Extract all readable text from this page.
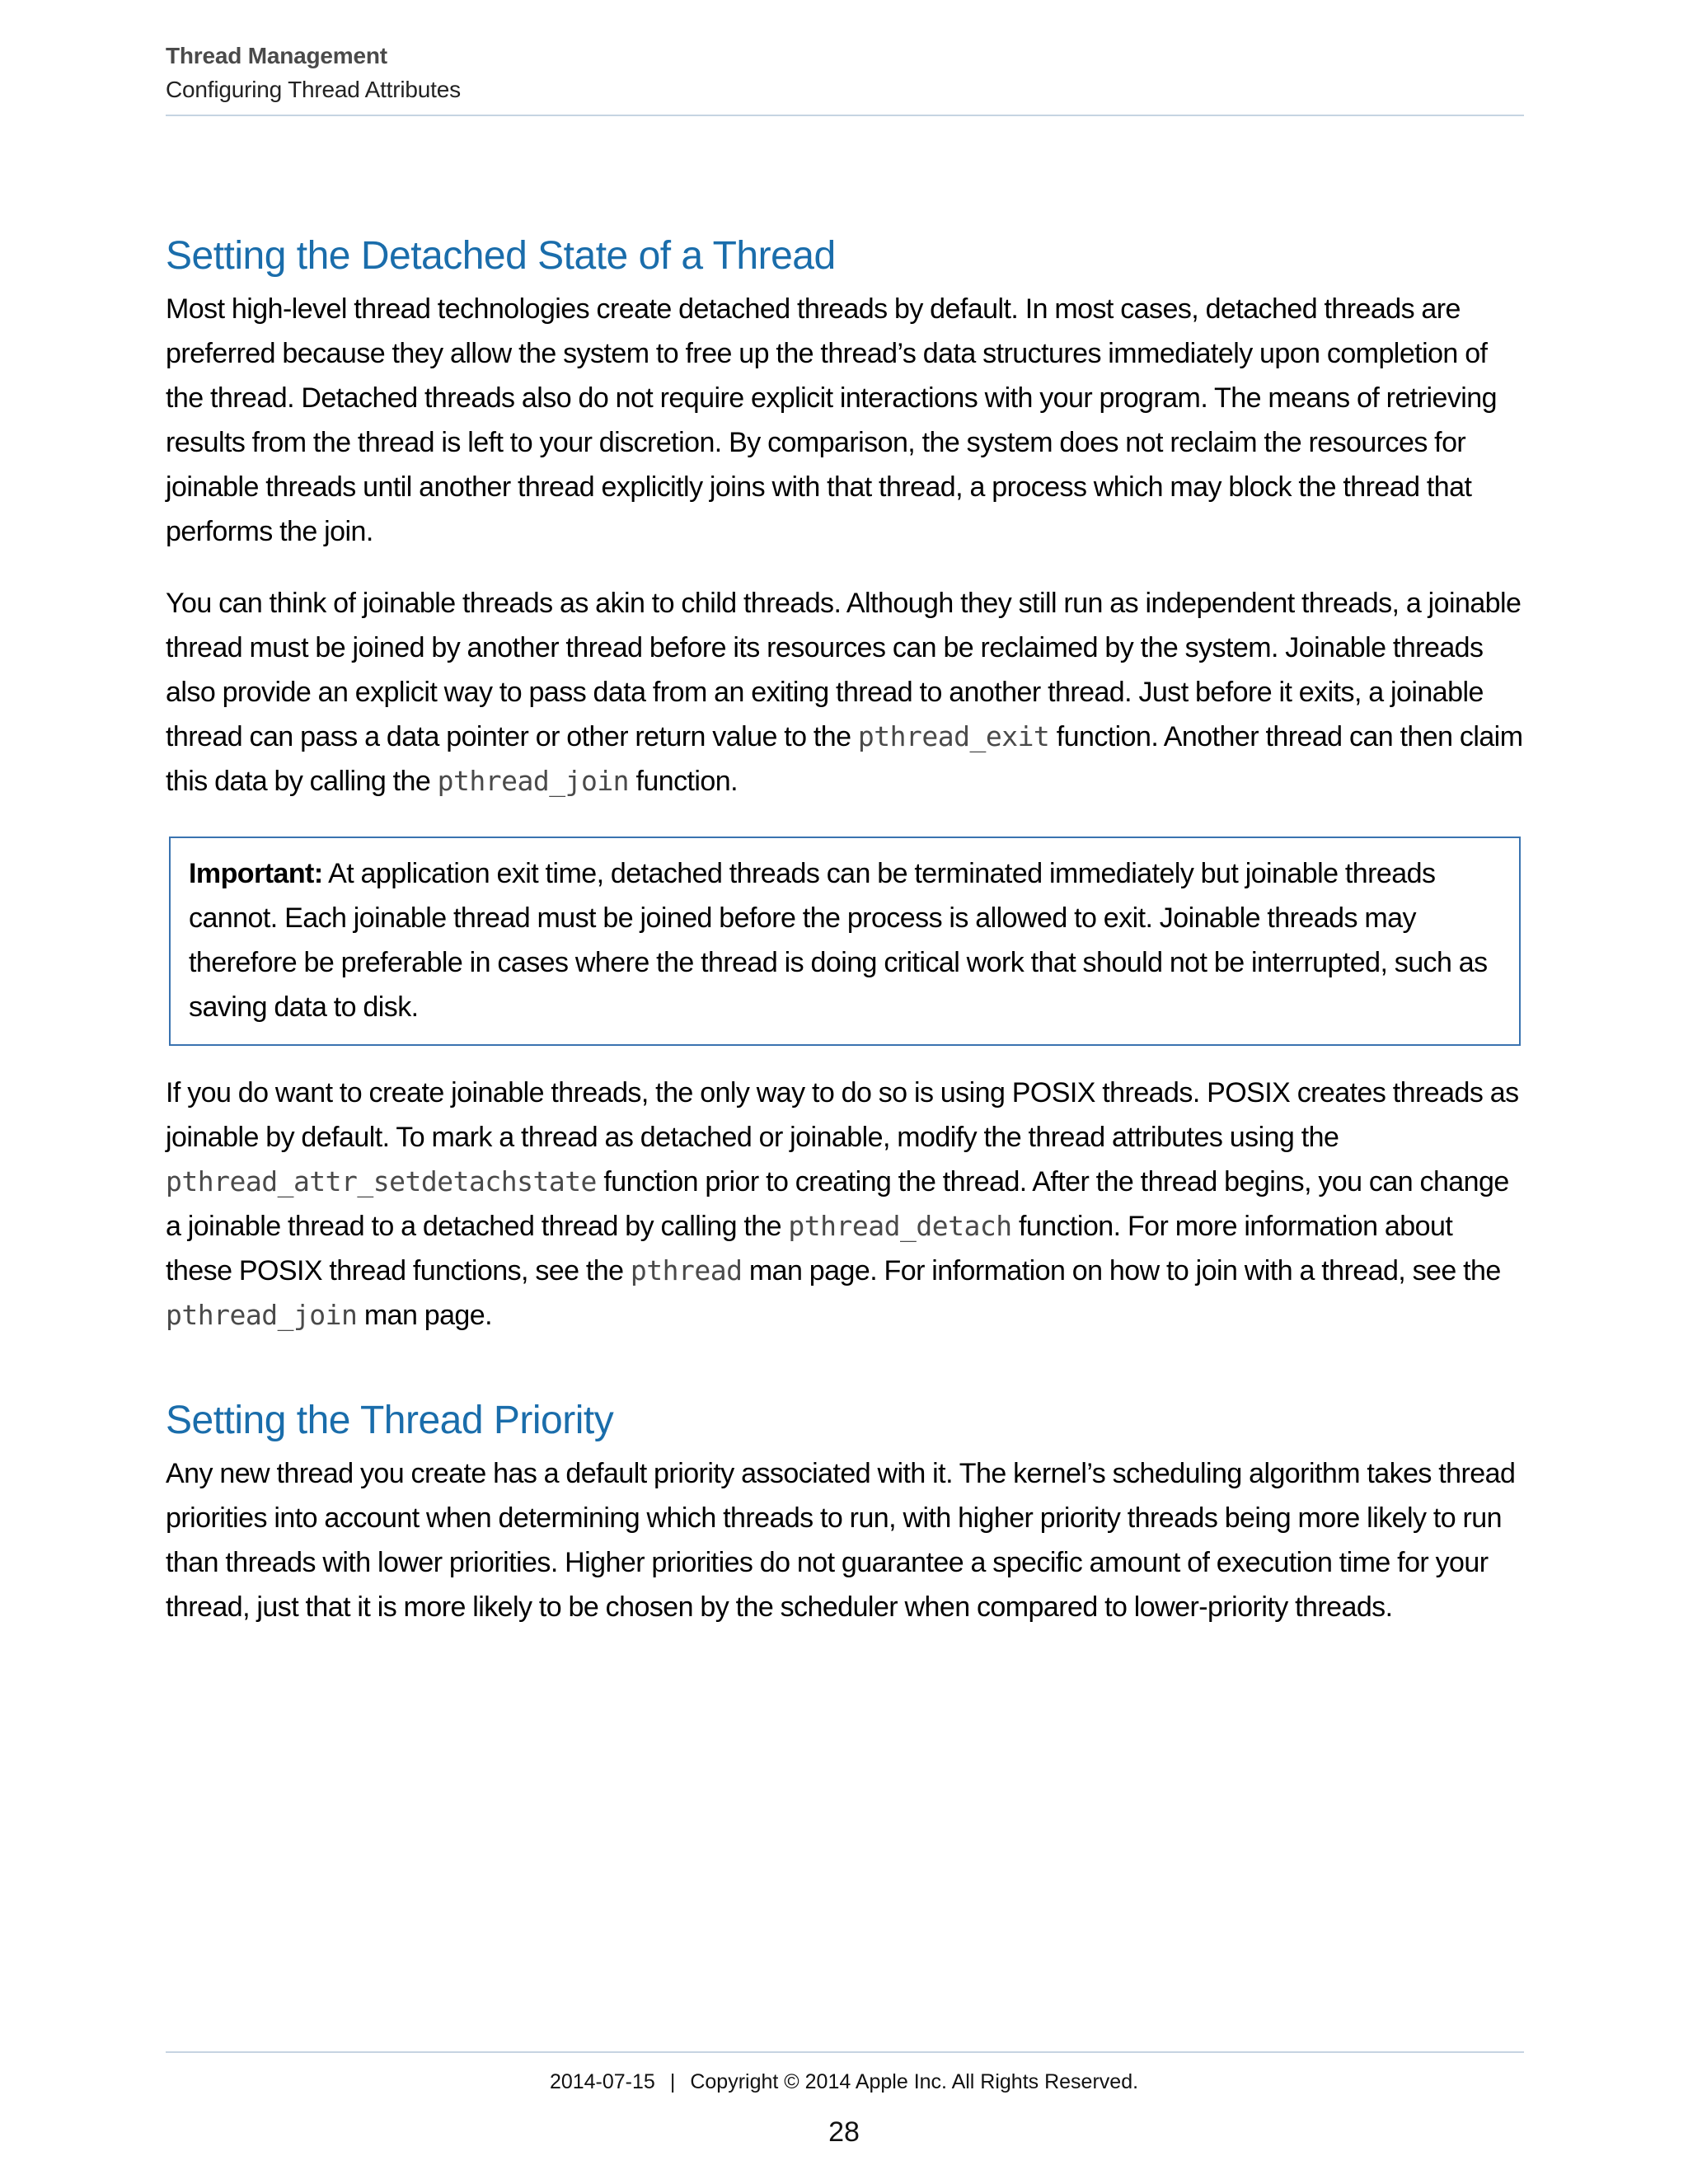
Thread Management
Configuring Thread Attributes
Setting the Detached State of a Thread

Most high-level thread technologies create detached threads by default. In most cases, detached threads are preferred because they allow the system to free up the thread’s data structures immediately upon completion of the thread. Detached threads also do not require explicit interactions with your program. The means of retrieving results from the thread is left to your discretion. By comparison, the system does not reclaim the resources for joinable threads until another thread explicitly joins with that thread, a process which may block the thread that performs the join.

You can think of joinable threads as akin to child threads. Although they still run as independent threads, a joinable thread must be joined by another thread before its resources can be reclaimed by the system. Joinable threads also provide an explicit way to pass data from an exiting thread to another thread. Just before it exits, a joinable thread can pass a data pointer or other return value to the pthread_exit function. Another thread can then claim this data by calling the pthread_join function.

Important: At application exit time, detached threads can be terminated immediately but joinable threads cannot. Each joinable thread must be joined before the process is allowed to exit. Joinable threads may therefore be preferable in cases where the thread is doing critical work that should not be interrupted, such as saving data to disk.

If you do want to create joinable threads, the only way to do so is using POSIX threads. POSIX creates threads as joinable by default. To mark a thread as detached or joinable, modify the thread attributes using the pthread_attr_setdetachstate function prior to creating the thread. After the thread begins, you can change a joinable thread to a detached thread by calling the pthread_detach function. For more information about these POSIX thread functions, see the pthread man page. For information on how to join with a thread, see the pthread_join man page.

Setting the Thread Priority

Any new thread you create has a default priority associated with it. The kernel’s scheduling algorithm takes thread priorities into account when determining which threads to run, with higher priority threads being more likely to run than threads with lower priorities. Higher priorities do not guarantee a specific amount of execution time for your thread, just that it is more likely to be chosen by the scheduler when compared to lower-priority threads.

2014-07-15 | Copyright © 2014 Apple Inc. All Rights Reserved.
28
